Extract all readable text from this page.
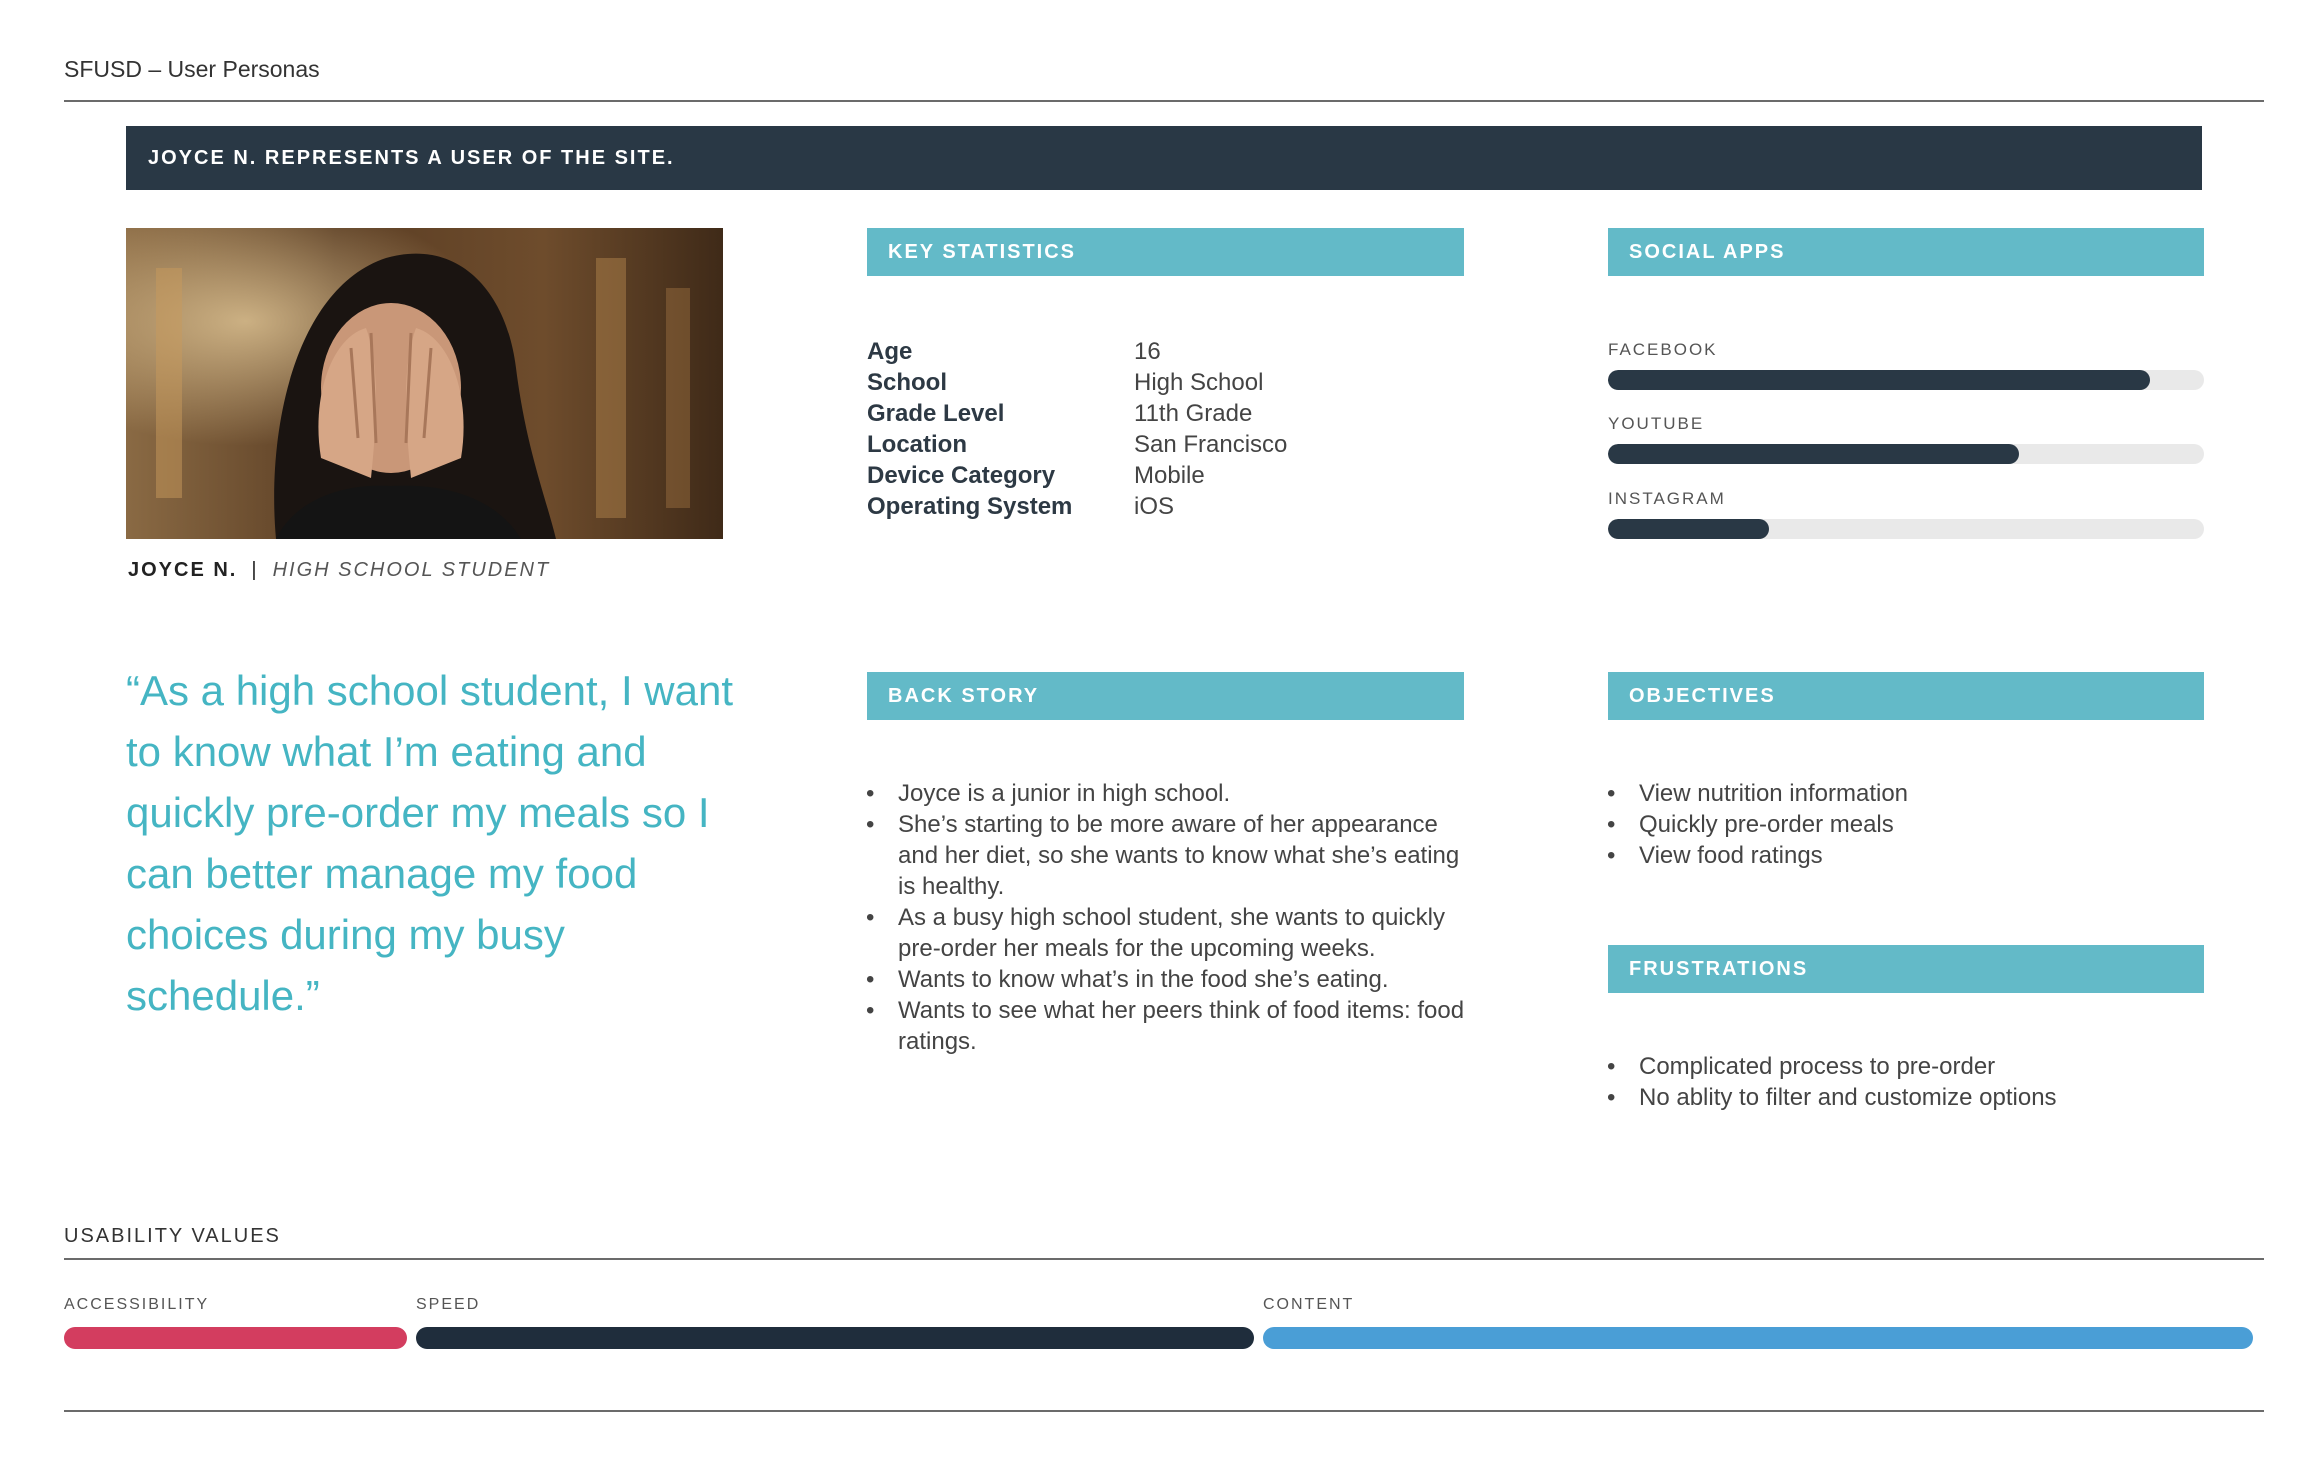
SFUSD – User Personas
JOYCE N. REPRESENTS A USER OF THE SITE.
JOYCE N. | HIGH SCHOOL STUDENT
“As a high school student, I want to know what I’m eating and quickly pre-order my meals so I can better manage my food choices during my busy schedule.”
KEY STATISTICS
Age	16
School	High School
Grade Level	11th Grade
Location	San Francisco
Device Category	Mobile
Operating System	iOS
SOCIAL APPS
FACEBOOK
YOUTUBE
INSTAGRAM
BACK STORY
• Joyce is a junior in high school.
• She’s starting to be more aware of her appearance and her diet, so she wants to know what she’s eating is healthy.
• As a busy high school student, she wants to quickly pre-order her meals for the upcoming weeks.
• Wants to know what’s in the food she’s eating.
• Wants to see what her peers think of food items: food ratings.
OBJECTIVES
• View nutrition information
• Quickly pre-order meals
• View food ratings
FRUSTRATIONS
• Complicated process to pre-order
• No ablity to filter and customize options
USABILITY VALUES
ACCESSIBILITY	SPEED	CONTENT
